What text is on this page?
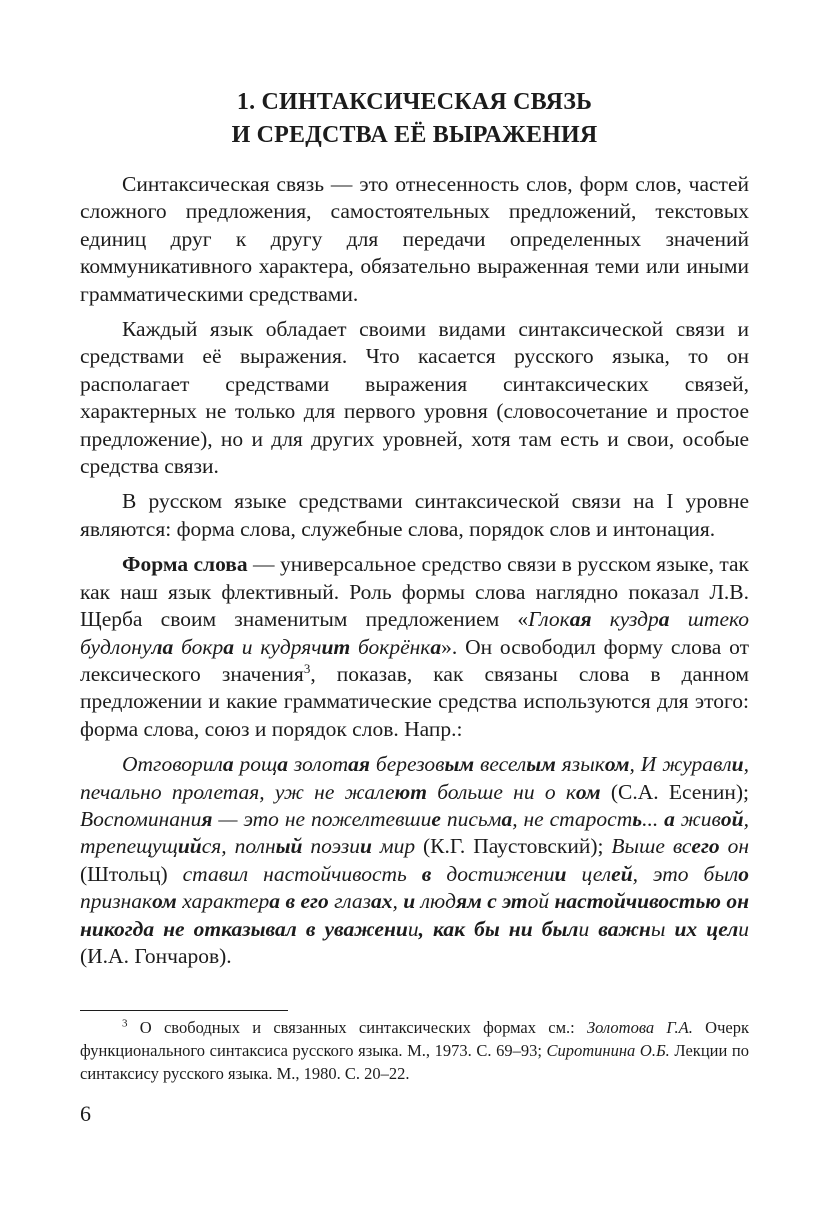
1. СИНТАКСИЧЕСКАЯ СВЯЗЬ
И СРЕДСТВА ЕЁ ВЫРАЖЕНИЯ

Синтаксическая связь — это отнесенность слов, форм слов, частей сложного предложения, самостоятельных предложений, текстовых единиц друг к другу для передачи определенных значений коммуникативного характера, обязательно выраженная теми или иными грамматическими средствами.

Каждый язык обладает своими видами синтаксической связи и средствами её выражения. Что касается русского языка, то он располагает средствами выражения синтаксических связей, характерных не только для первого уровня (словосочетание и простое предложение), но и для других уровней, хотя там есть и свои, особые средства связи.

В русском языке средствами синтаксической связи на I уровне являются: форма слова, служебные слова, порядок слов и интонация.

Форма слова — универсальное средство связи в русском языке, так как наш язык флективный. Роль формы слова наглядно показал Л.В. Щерба своим знаменитым предложением «Глокая куздра штеко будлонула бокра и кудрячит бокрёнка». Он освободил форму слова от лексического значения$^3$, показав, как связаны слова в данном предложении и какие грамматические средства используются для этого: форма слова, союз и порядок слов. Напр.:

Отговорила роща золотая березовым веселым языком, И журавли, печально пролетая, уж не жалеют больше ни о ком (С.А. Есенин); Воспоминания — это не пожелтевшие письма, не старость... а живой, трепещущийся, полный поэзии мир (К.Г. Паустовский); Выше всего он (Штольц) ставил настойчивость в достижении целей, это было признаком характера в его глазах, и людям с этой настойчивостью он никогда не отказывал в уважении, как бы ни были важны их цели (И.А. Гончаров).

$^3$ О свободных и связанных синтаксических формах см.: Золотова Г.А. Очерк функционального синтаксиса русского языка. М., 1973. С. 69–93; Сиротинина О.Б. Лекции по синтаксису русского языка. М., 1980. С. 20–22.

6
